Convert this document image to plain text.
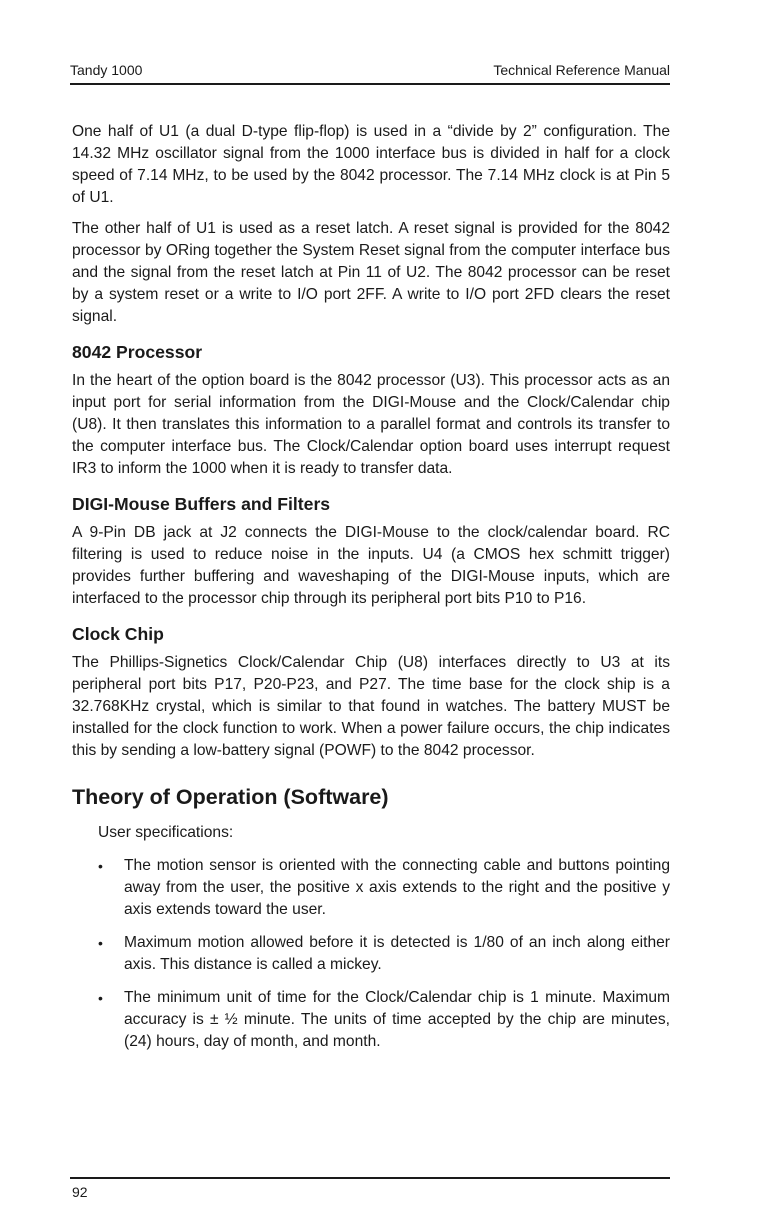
Tandy 1000	Technical Reference Manual

One half of U1 (a dual D-type flip-flop) is used in a “divide by 2” configuration. The 14.32 MHz oscillator signal from the 1000 interface bus is divided in half for a clock speed of 7.14 MHz, to be used by the 8042 processor. The 7.14 MHz clock is at Pin 5 of U1.

The other half of U1 is used as a reset latch. A reset signal is provided for the 8042 processor by ORing together the System Reset signal from the computer interface bus and the signal from the reset latch at Pin 11 of U2. The 8042 processor can be reset by a system reset or a write to I/O port 2FF. A write to I/O port 2FD clears the reset signal.

8042 Processor

In the heart of the option board is the 8042 processor (U3). This processor acts as an input port for serial information from the DIGI-Mouse and the Clock/Calendar chip (U8). It then translates this information to a parallel format and controls its transfer to the computer interface bus. The Clock/Calendar option board uses interrupt request IR3 to inform the 1000 when it is ready to transfer data.

DIGI-Mouse Buffers and Filters

A 9-Pin DB jack at J2 connects the DIGI-Mouse to the clock/calendar board. RC filtering is used to reduce noise in the inputs. U4 (a CMOS hex schmitt trigger) provides further buffering and waveshaping of the DIGI-Mouse inputs, which are interfaced to the processor chip through its peripheral port bits P10 to P16.

Clock Chip

The Phillips-Signetics Clock/Calendar Chip (U8) interfaces directly to U3 at its peripheral port bits P17, P20-P23, and P27. The time base for the clock ship is a 32.768KHz crystal, which is similar to that found in watches. The battery MUST be installed for the clock function to work. When a power failure occurs, the chip indicates this by sending a low-battery signal (POWF) to the 8042 processor.

Theory of Operation (Software)

User specifications:

• The motion sensor is oriented with the connecting cable and buttons pointing away from the user, the positive x axis extends to the right and the positive y axis extends toward the user.
• Maximum motion allowed before it is detected is 1/80 of an inch along either axis. This distance is called a mickey.
• The minimum unit of time for the Clock/Calendar chip is 1 minute. Maximum accuracy is ± ½ minute. The units of time accepted by the chip are minutes, (24) hours, day of month, and month.
92
